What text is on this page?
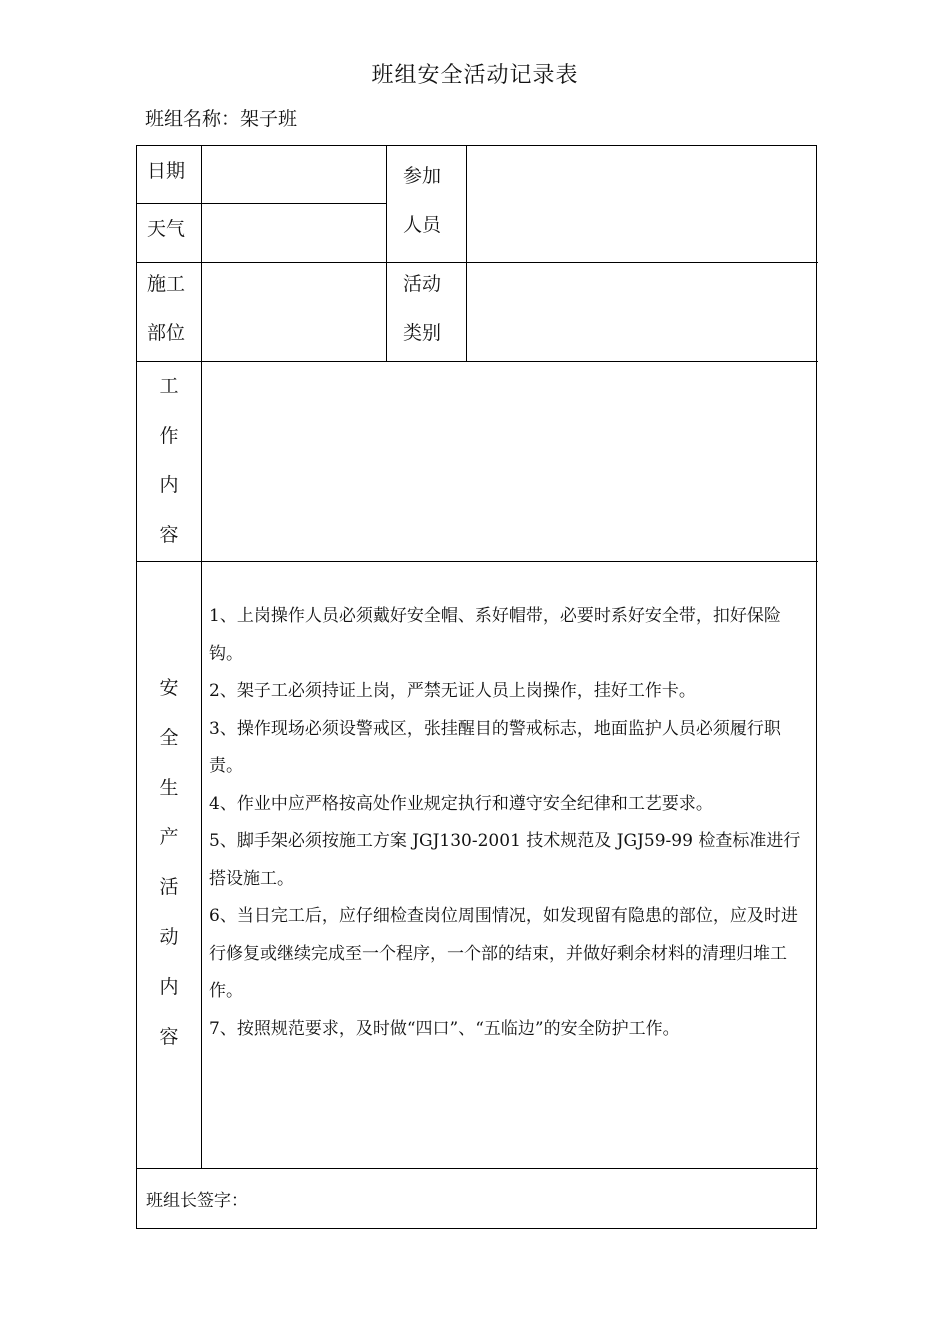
班组安全活动记录表
班组名称：架子班
日期
天气
参加
人员
施工
部位
活动
类别
工
作
内
容
安
全
生
产
活
动
内
容

1、上岗操作人员必须戴好安全帽、系好帽带，必要时系好安全带，扣好保险钩。

2、架子工必须持证上岗，严禁无证人员上岗操作，挂好工作卡。

3、操作现场必须设警戒区，张挂醒目的警戒标志，地面监护人员必须履行职责。

4、作业中应严格按高处作业规定执行和遵守安全纪律和工艺要求。

5、脚手架必须按施工方案 JGJ130-2001 技术规范及 JGJ59-99 检查标准进行搭设施工。

6、当日完工后，应仔细检查岗位周围情况，如发现留有隐患的部位，应及时进行修复或继续完成至一个程序，一个部的结束，并做好剩余材料的清理归堆工作。

7、按照规范要求，及时做“四口”、“五临边”的安全防护工作。

班组长签字：
